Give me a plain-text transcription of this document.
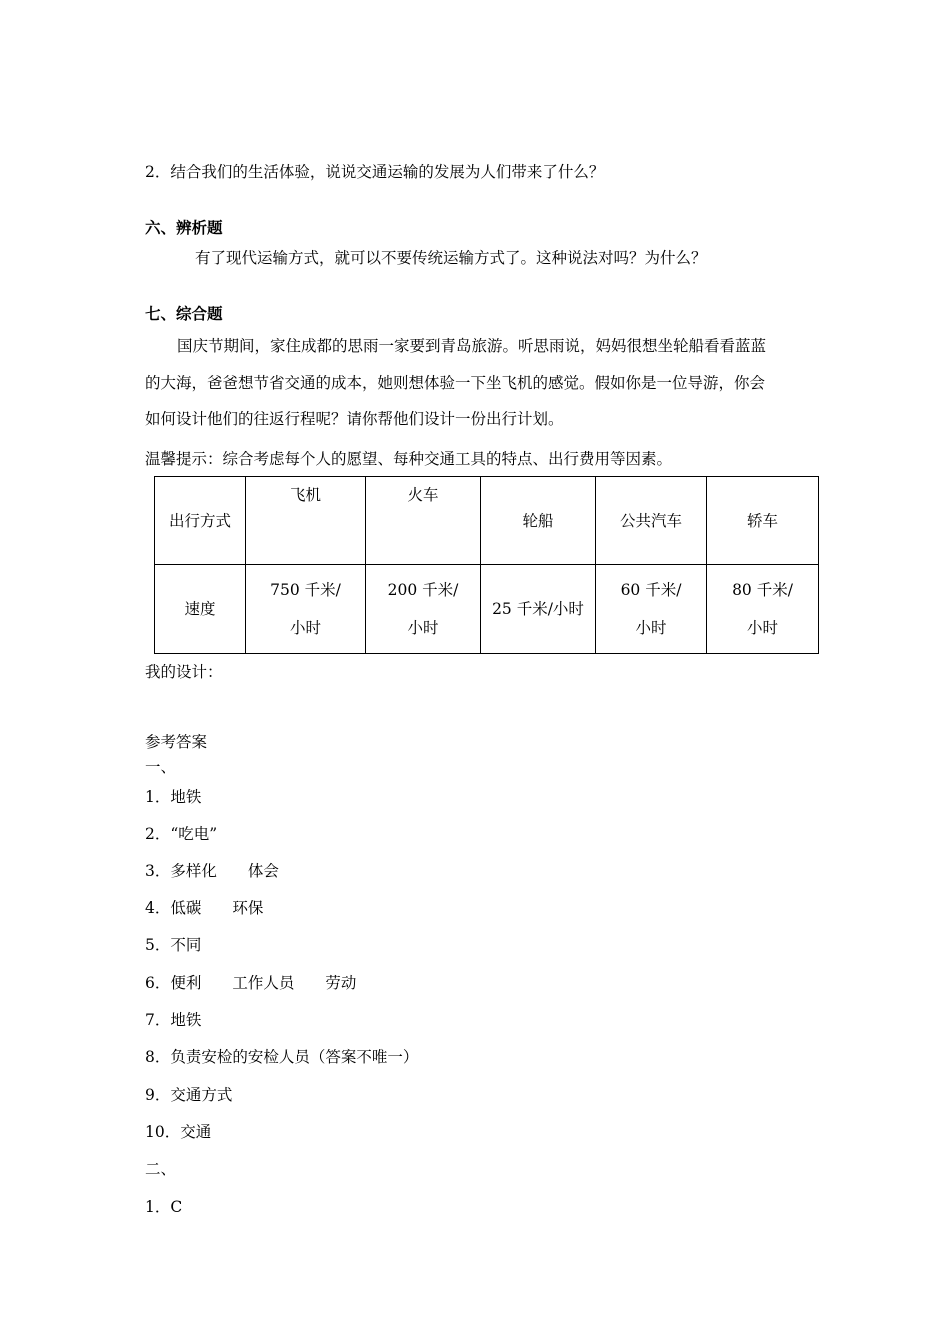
2．结合我们的生活体验，说说交通运输的发展为人们带来了什么？
六、辨析题
有了现代运输方式，就可以不要传统运输方式了。这种说法对吗？为什么？
七、综合题
国庆节期间，家住成都的思雨一家要到青岛旅游。听思雨说，妈妈很想坐轮船看看蓝蓝
的大海，爸爸想节省交通的成本，她则想体验一下坐飞机的感觉。假如你是一位导游，你会
如何设计他们的往返行程呢？请你帮他们设计一份出行计划。
温馨提示：综合考虑每个人的愿望、每种交通工具的特点、出行费用等因素。
出行方式	飞机	火车	轮船	公共汽车	轿车
速度	750 千米/小时	200 千米/小时	25 千米/小时	60 千米/小时	80 千米/小时
我的设计：
参考答案
一、
1．地铁
2．“吃电”
3．多样化　　体会
4．低碳　　环保
5．不同
6．便利　　工作人员　　劳动
7．地铁
8．负责安检的安检人员（答案不唯一）
9．交通方式
10．交通
二、
1．C
